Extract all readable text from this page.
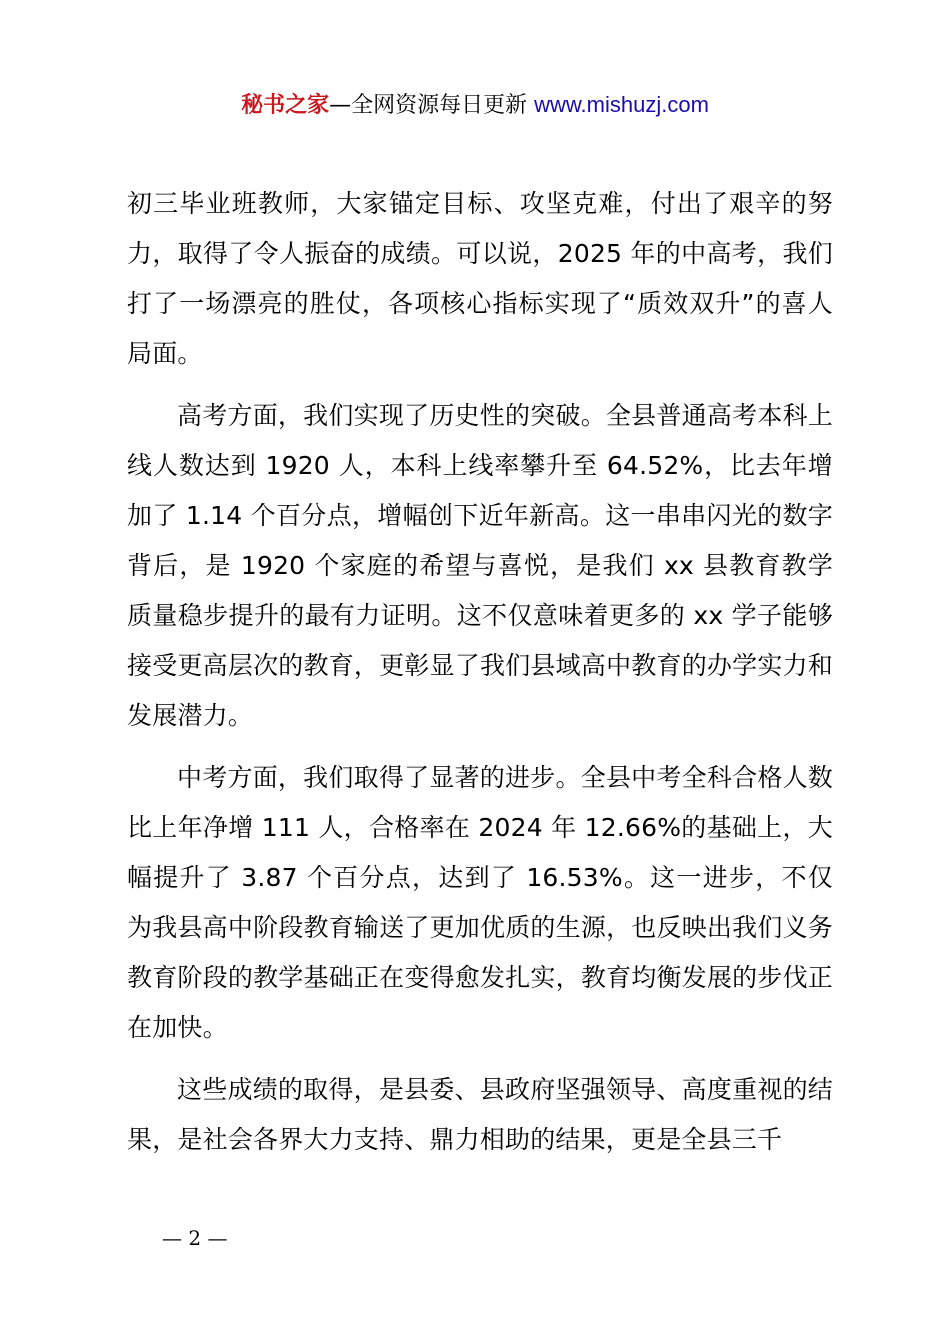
秘书之家—全网资源每日更新 www.mishuzj.com

初三毕业班教师，大家锚定目标、攻坚克难，付出了艰辛的努力，取得了令人振奋的成绩。可以说，2025 年的中高考，我们打了一场漂亮的胜仗，各项核心指标实现了“质效双升”的喜人局面。

高考方面，我们实现了历史性的突破。全县普通高考本科上线人数达到 1920 人，本科上线率攀升至 64.52%，比去年增加了 1.14 个百分点，增幅创下近年新高。这一串串闪光的数字背后，是 1920 个家庭的希望与喜悦，是我们 xx 县教育教学质量稳步提升的最有力证明。这不仅意味着更多的 xx 学子能够接受更高层次的教育，更彰显了我们县域高中教育的办学实力和发展潜力。

中考方面，我们取得了显著的进步。全县中考全科合格人数比上年净增 111 人，合格率在 2024 年 12.66%的基础上，大幅提升了 3.87 个百分点，达到了 16.53%。这一进步，不仅为我县高中阶段教育输送了更加优质的生源，也反映出我们义务教育阶段的教学基础正在变得愈发扎实，教育均衡发展的步伐正在加快。

这些成绩的取得，是县委、县政府坚强领导、高度重视的结果，是社会各界大力支持、鼎力相助的结果，更是全县三千

— 2 —
